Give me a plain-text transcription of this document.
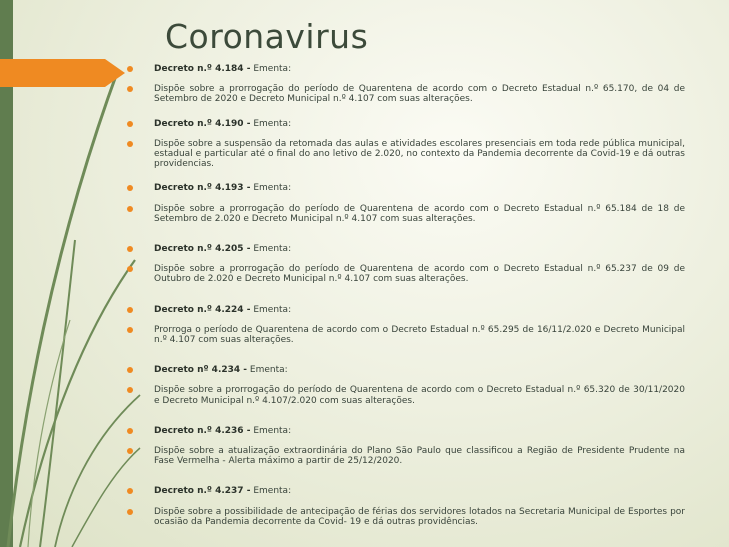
Coronavirus
Decreto n.º 4.184 - Ementa:
Dispõe sobre a prorrogação do período de Quarentena de acordo com o Decreto Estadual n.º 65.170, de 04 de Setembro de 2020 e Decreto Municipal n.º 4.107 com suas alterações.
Decreto n.º 4.190 - Ementa:
Dispõe sobre a suspensão da retomada das aulas e atividades escolares presenciais em toda rede pública municipal, estadual e particular até o final do ano letivo de 2.020, no contexto da Pandemia decorrente da Covid-19 e dá outras providencias.
Decreto n.º 4.193 - Ementa:
Dispõe sobre a prorrogação do período de Quarentena de acordo com o Decreto Estadual n.º 65.184 de 18 de Setembro de 2.020 e Decreto Municipal n.º 4.107 com suas alterações.
Decreto n.º 4.205 - Ementa:
Dispõe sobre a prorrogação do período de Quarentena de acordo com o Decreto Estadual n.º 65.237 de 09 de Outubro de 2.020 e Decreto Municipal n.º 4.107 com suas alterações.
Decreto n.º 4.224 - Ementa:
Prorroga o período de Quarentena de acordo com o Decreto Estadual n.º 65.295 de 16/11/2.020 e Decreto Municipal n.º 4.107 com suas alterações.
Decreto nº 4.234 - Ementa:
Dispõe sobre a prorrogação do período de Quarentena de acordo com o Decreto Estadual n.º 65.320 de 30/11/2020 e Decreto Municipal n.º 4.107/2.020 com suas alterações.
Decreto n.º 4.236 - Ementa:
Dispõe sobre a atualização extraordinária do Plano São Paulo que classificou a Região de Presidente Prudente na Fase Vermelha - Alerta máximo a partir de 25/12/2020.
Decreto n.º 4.237 - Ementa:
Dispõe sobre a possibilidade de antecipação de férias dos servidores lotados na Secretaria Municipal de Esportes por ocasião da Pandemia decorrente da Covid- 19 e dá outras providências.
